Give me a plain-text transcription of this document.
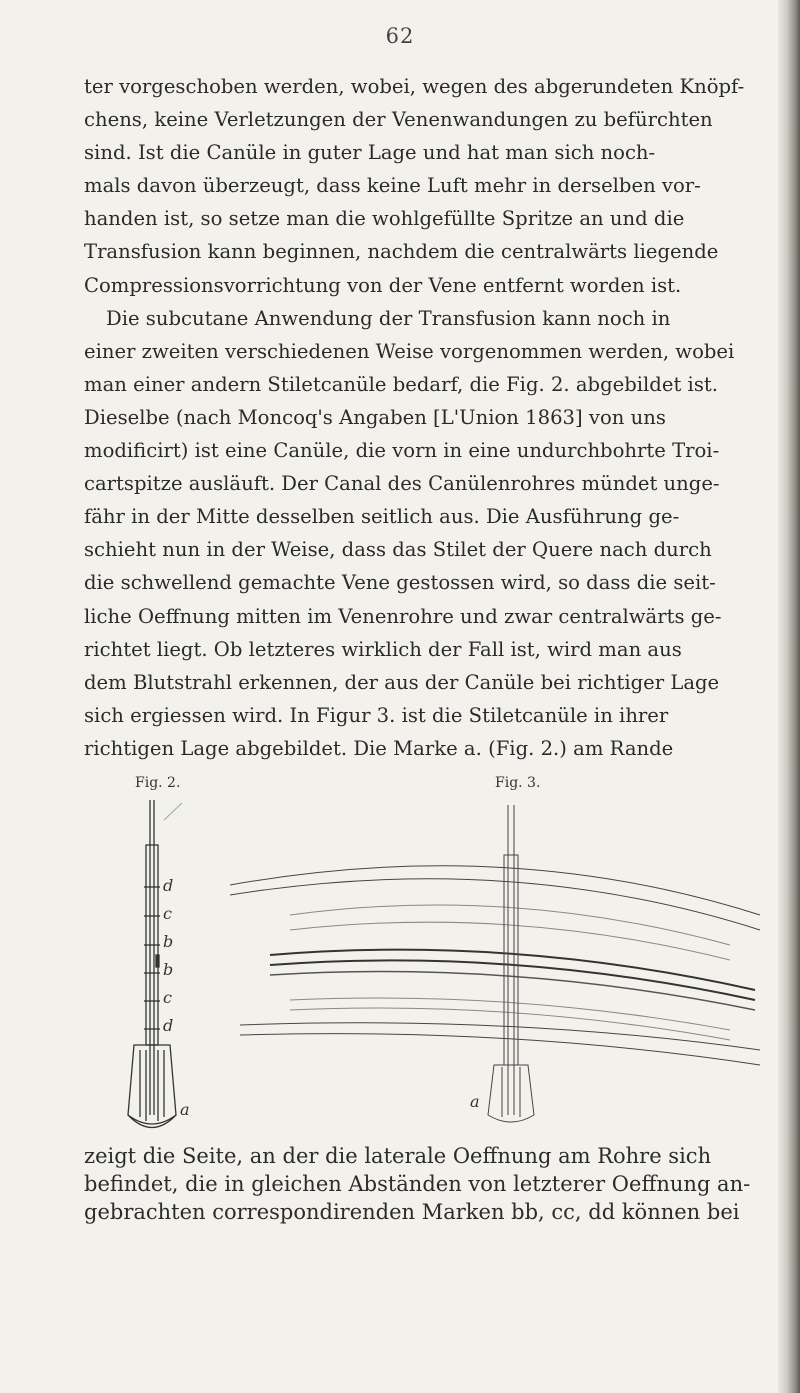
62
ter vorgeschoben werden, wobei, wegen des abgerundeten Knöpf-
chens, keine Verletzungen der Venenwandungen zu befürchten
sind. Ist die Canüle in guter Lage und hat man sich noch-
mals davon überzeugt, dass keine Luft mehr in derselben vor-
handen ist, so setze man die wohlgefüllte Spritze an und die
Transfusion kann beginnen, nachdem die centralwärts liegende
Compressionsvorrichtung von der Vene entfernt worden ist.
Die subcutane Anwendung der Transfusion kann noch in
einer zweiten verschiedenen Weise vorgenommen werden, wobei
man einer andern Stiletcanüle bedarf, die Fig. 2. abgebildet ist.
Dieselbe (nach Moncoq's Angaben [L'Union 1863] von uns
modificirt) ist eine Canüle, die vorn in eine undurchbohrte Troi-
cartspitze ausläuft. Der Canal des Canülenrohres mündet unge-
fähr in der Mitte desselben seitlich aus. Die Ausführung ge-
schieht nun in der Weise, dass das Stilet der Quere nach durch
die schwellend gemachte Vene gestossen wird, so dass die seit-
liche Oeffnung mitten im Venenrohre und zwar centralwärts ge-
richtet liegt. Ob letzteres wirklich der Fall ist, wird man aus
dem Blutstrahl erkennen, der aus der Canüle bei richtiger Lage
sich ergiessen wird. In Figur 3. ist die Stiletcanüle in ihrer
richtigen Lage abgebildet. Die Marke a. (Fig. 2.) am Rande
Fig. 2.
d
c
b
b
c
d
a
Fig. 3.
a
zeigt die Seite, an der die laterale Oeffnung am Rohre sich
befindet, die in gleichen Abständen von letzterer Oeffnung an-
gebrachten correspondirenden Marken bb, cc, dd können bei
